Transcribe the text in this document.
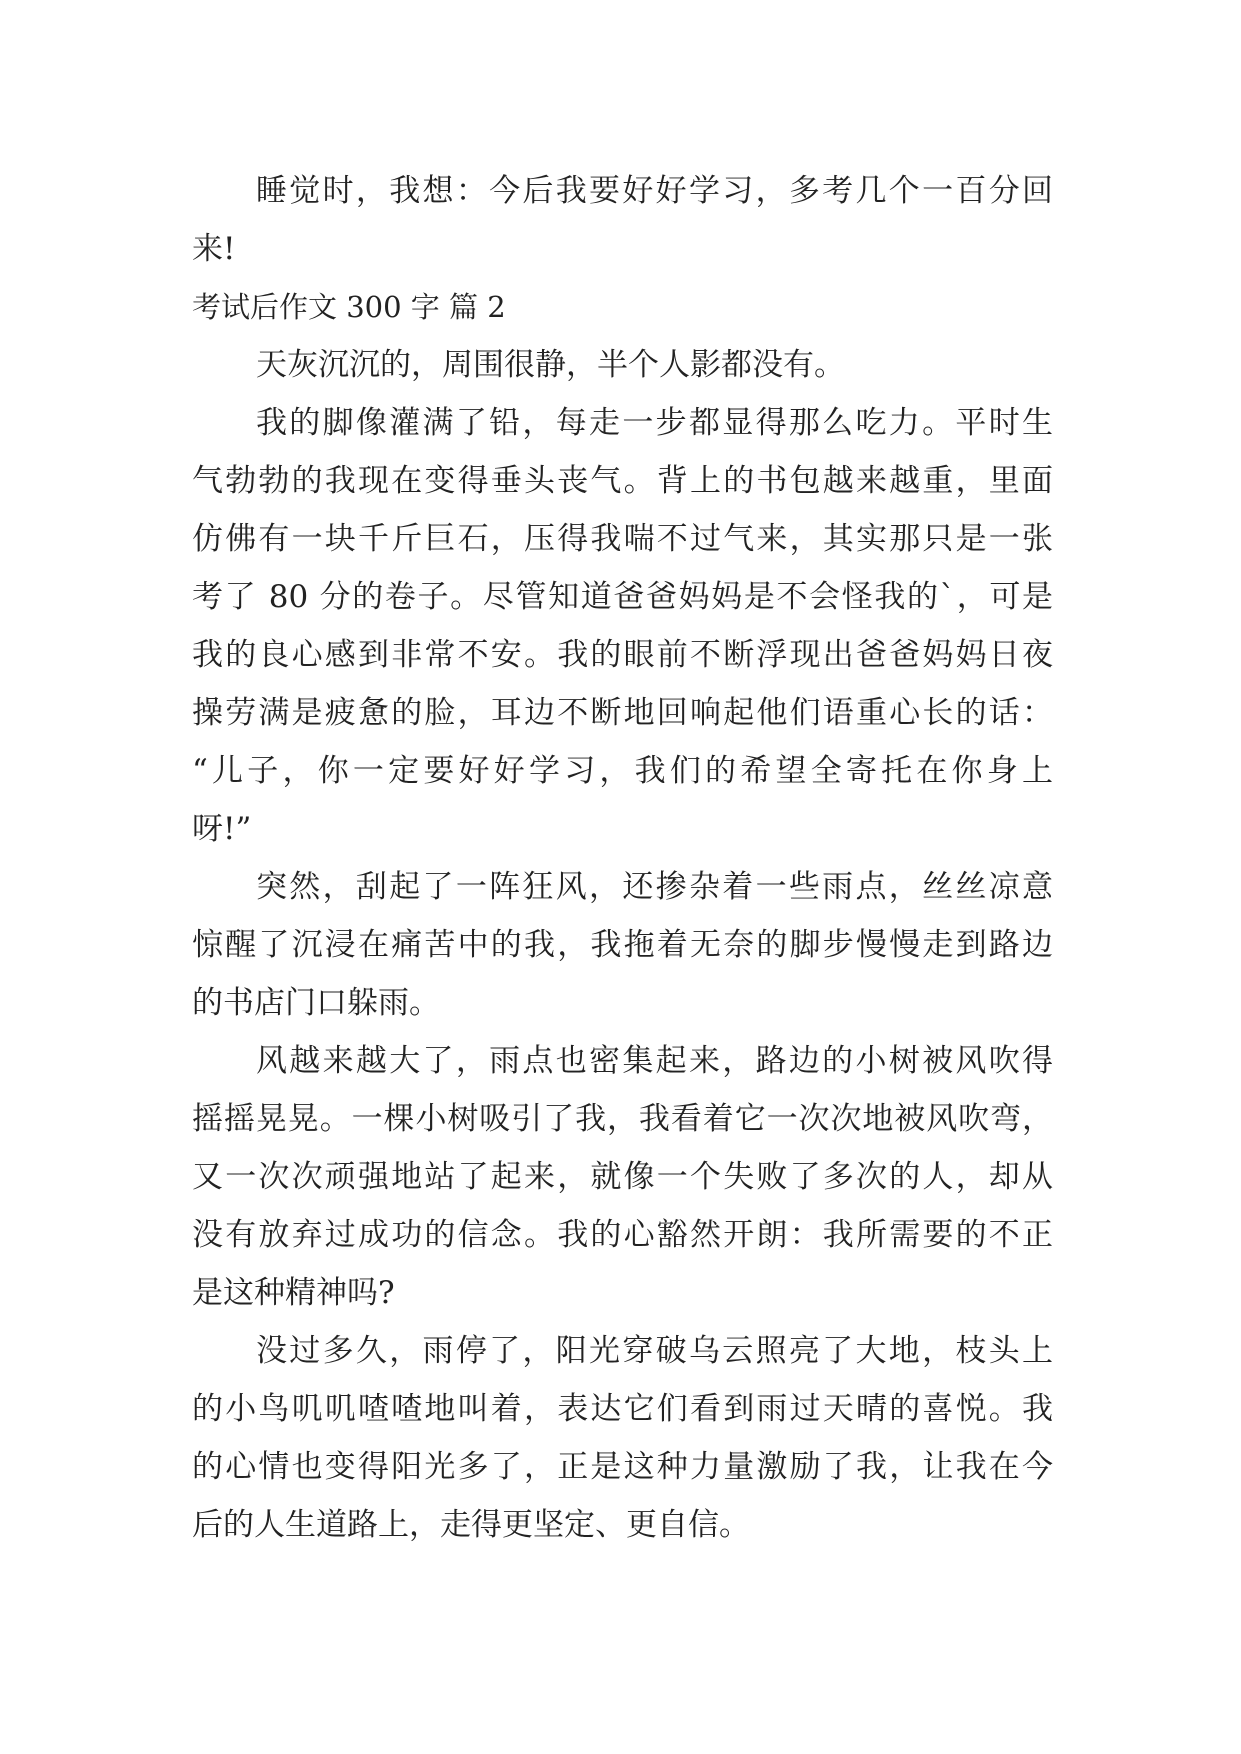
睡觉时，我想：今后我要好好学习，多考几个一百分回
来!
考试后作文 300 字 篇 2
天灰沉沉的，周围很静，半个人影都没有。
我的脚像灌满了铅，每走一步都显得那么吃力。平时生
气勃勃的我现在变得垂头丧气。背上的书包越来越重，里面
仿佛有一块千斤巨石，压得我喘不过气来，其实那只是一张
考了 80 分的卷子。尽管知道爸爸妈妈是不会怪我的`，可是
我的良心感到非常不安。我的眼前不断浮现出爸爸妈妈日夜
操劳满是疲惫的脸，耳边不断地回响起他们语重心长的话：
“儿子，你一定要好好学习，我们的希望全寄托在你身上
呀!”
突然，刮起了一阵狂风，还掺杂着一些雨点，丝丝凉意
惊醒了沉浸在痛苦中的我，我拖着无奈的脚步慢慢走到路边
的书店门口躲雨。
风越来越大了，雨点也密集起来，路边的小树被风吹得
摇摇晃晃。一棵小树吸引了我，我看着它一次次地被风吹弯，
又一次次顽强地站了起来，就像一个失败了多次的人，却从
没有放弃过成功的信念。我的心豁然开朗：我所需要的不正
是这种精神吗?
没过多久，雨停了，阳光穿破乌云照亮了大地，枝头上
的小鸟叽叽喳喳地叫着，表达它们看到雨过天晴的喜悦。我
的心情也变得阳光多了，正是这种力量激励了我，让我在今
后的人生道路上，走得更坚定、更自信。
